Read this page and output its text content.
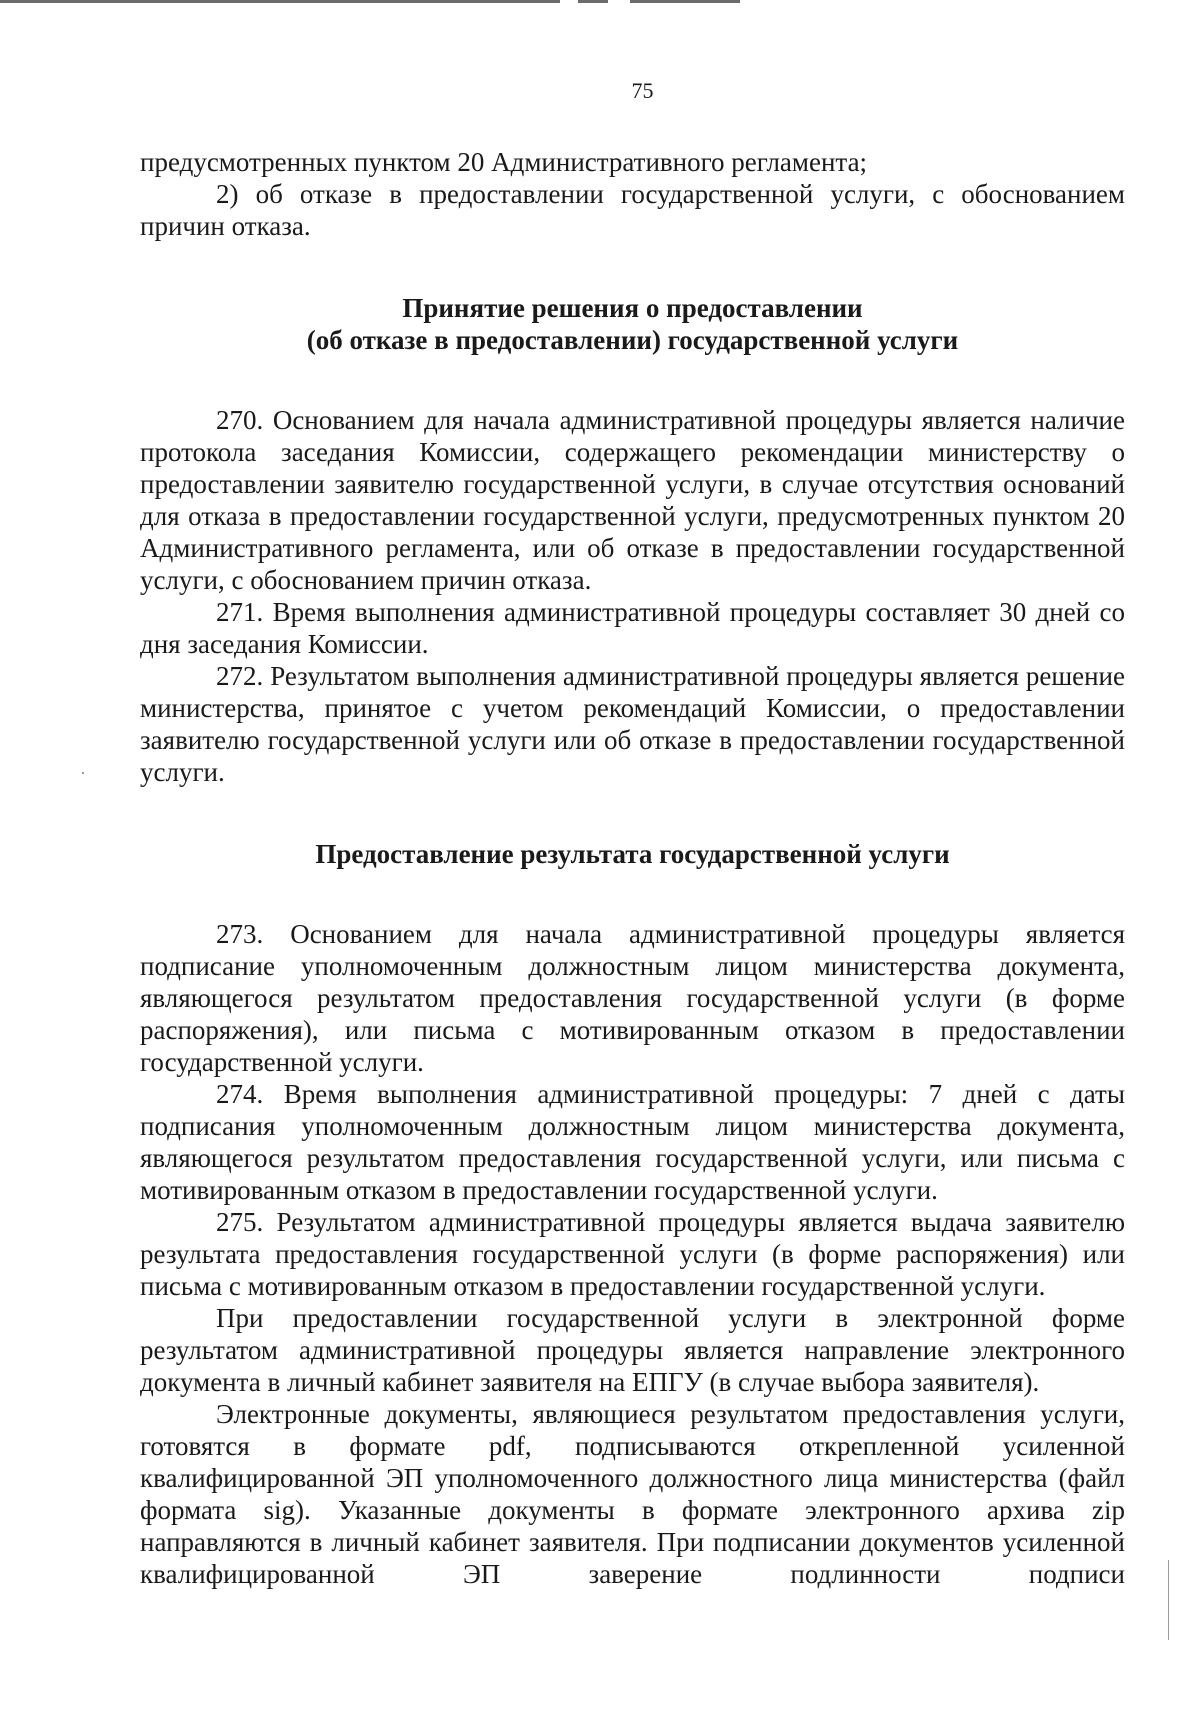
75

предусмотренных пунктом 20 Административного регламента;

2) об отказе в предоставлении государственной услуги, с обоснованием причин отказа.

Принятие решения о предоставлении

(об отказе в предоставлении) государственной услуги

270. Основанием для начала административной процедуры является наличие протокола заседания Комиссии, содержащего рекомендации министерству о предоставлении заявителю государственной услуги, в случае отсутствия оснований для отказа в предоставлении государственной услуги, предусмотренных пунктом 20 Административного регламента, или об отказе в предоставлении государственной услуги, с обоснованием причин отказа.

271. Время выполнения административной процедуры составляет 30 дней со дня заседания Комиссии.

272. Результатом выполнения административной процедуры является решение министерства, принятое с учетом рекомендаций Комиссии, о предоставлении заявителю государственной услуги или об отказе в предоставлении государственной услуги.

Предоставление результата государственной услуги

273. Основанием для начала административной процедуры является подписание уполномоченным должностным лицом министерства документа, являющегося результатом предоставления государственной услуги (в форме распоряжения), или письма с мотивированным отказом в предоставлении государственной услуги.

274. Время выполнения административной процедуры: 7 дней с даты подписания уполномоченным должностным лицом министерства документа, являющегося результатом предоставления государственной услуги, или письма с мотивированным отказом в предоставлении государственной услуги.

275. Результатом административной процедуры является выдача заявителю результата предоставления государственной услуги (в форме распоряжения) или письма с мотивированным отказом в предоставлении государственной услуги.

При предоставлении государственной услуги в электронной форме результатом административной процедуры является направление электронного документа в личный кабинет заявителя на ЕПГУ (в случае выбора заявителя).

Электронные документы, являющиеся результатом предоставления услуги, готовятся в формате pdf, подписываются открепленной усиленной квалифицированной ЭП уполномоченного должностного лица министерства (файл формата sig). Указанные документы в формате электронного архива zip направляются в личный кабинет заявителя. При подписании документов усиленной квалифицированной ЭП заверение подлинности подписи
